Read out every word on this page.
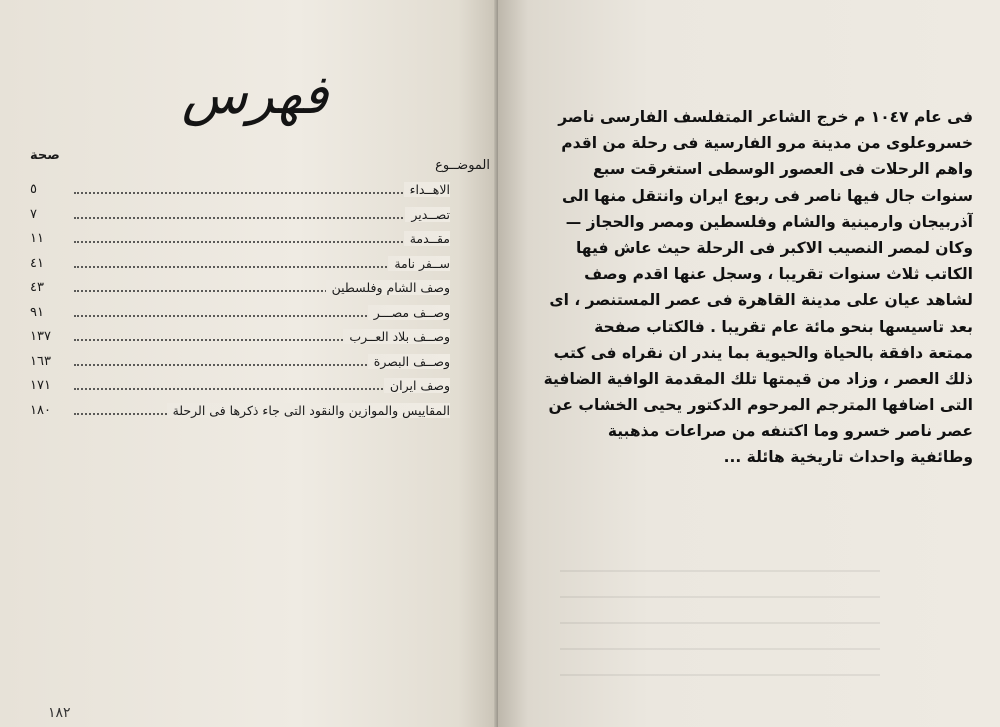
فهرس
صحة
الموضــوع
الاهــداء
٥
تصــدير
٧
مقــدمة
١١
ســفر نامة
٤١
وصف الشام وفلسطين
٤٣
وصــف مصـــر
٩١
وصــف بلاد العــرب
١٣٧
وصــف البصرة
١٦٣
وصف ايران
١٧١
المقاييس والموازين والنقود التى جاء ذكرها فى الرحلة
١٨٠
١٨٢
فى عام ١٠٤٧ م خرج الشاعر المتفلسف الفارسى ناصر
خسروعلوى من مدينة مرو الفارسية فى رحلة من اقدم
واهم الرحلات فى العصور الوسطى استغرقت سبع
سنوات جال فيها ناصر فى ربوع ايران وانتقل منها الى
آذربيجان وارمينية والشام وفلسطين ومصر والحجاز —
وكان لمصر النصيب الاكبر فى الرحلة حيث عاش فيها
الكاتب ثلاث سنوات تقريبا ، وسجل عنها اقدم وصف
لشاهد عيان على مدينة القاهرة فى عصر المستنصر ، اى
بعد تاسيسها بنحو مائة عام تقريبا . فالكتاب صفحة
ممتعة دافقة بالحياة والحيوية بما يندر ان نقراه فى كتب
ذلك العصر ، وزاد من قيمتها تلك المقدمة الوافية الضافية
التى اضافها المترجم المرحوم الدكتور يحيى الخشاب عن
عصر ناصر خسرو وما اكتنفه من صراعات مذهبية
وطائفية واحداث تاريخية هائلة ...
